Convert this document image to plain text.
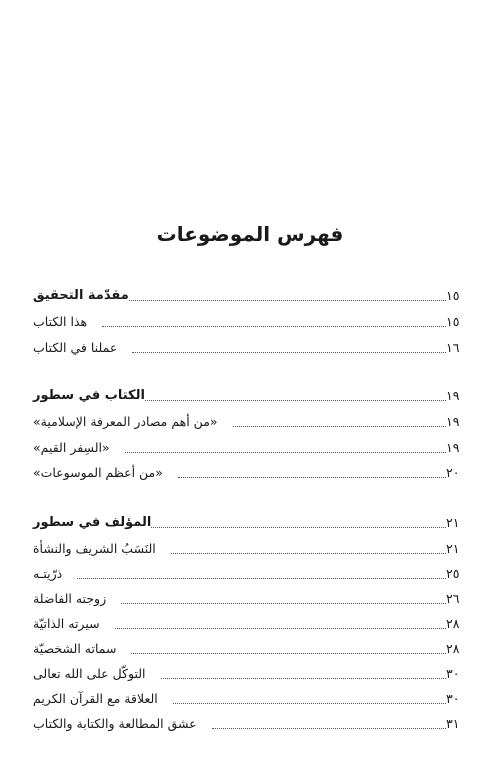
فهرس الموضوعات
مقدّمة التحقيق	١٥
هذا الكتاب	١٥
عملنا في الكتاب	١٦
الكتاب في سطور	١٩
«من أهم مصادر المعرفة الإسلامية»	١٩
«السِفر القيم»	١٩
«من أعظم الموسوعات»	٢٠
المؤلف في سطور	٢١
النَسَبُ الشريف والنشأة	٢١
ذرّيتـه	٢٥
زوجته الفاضلة	٢٦
سيرته الذاتيّة	٢٨
سماته الشخصيّة	٢٨
التوكّل على الله تعالى	٣٠
العلاقة مع القرآن الكريم	٣٠
عشق المطالعة والكتابة والكتاب	٣١
